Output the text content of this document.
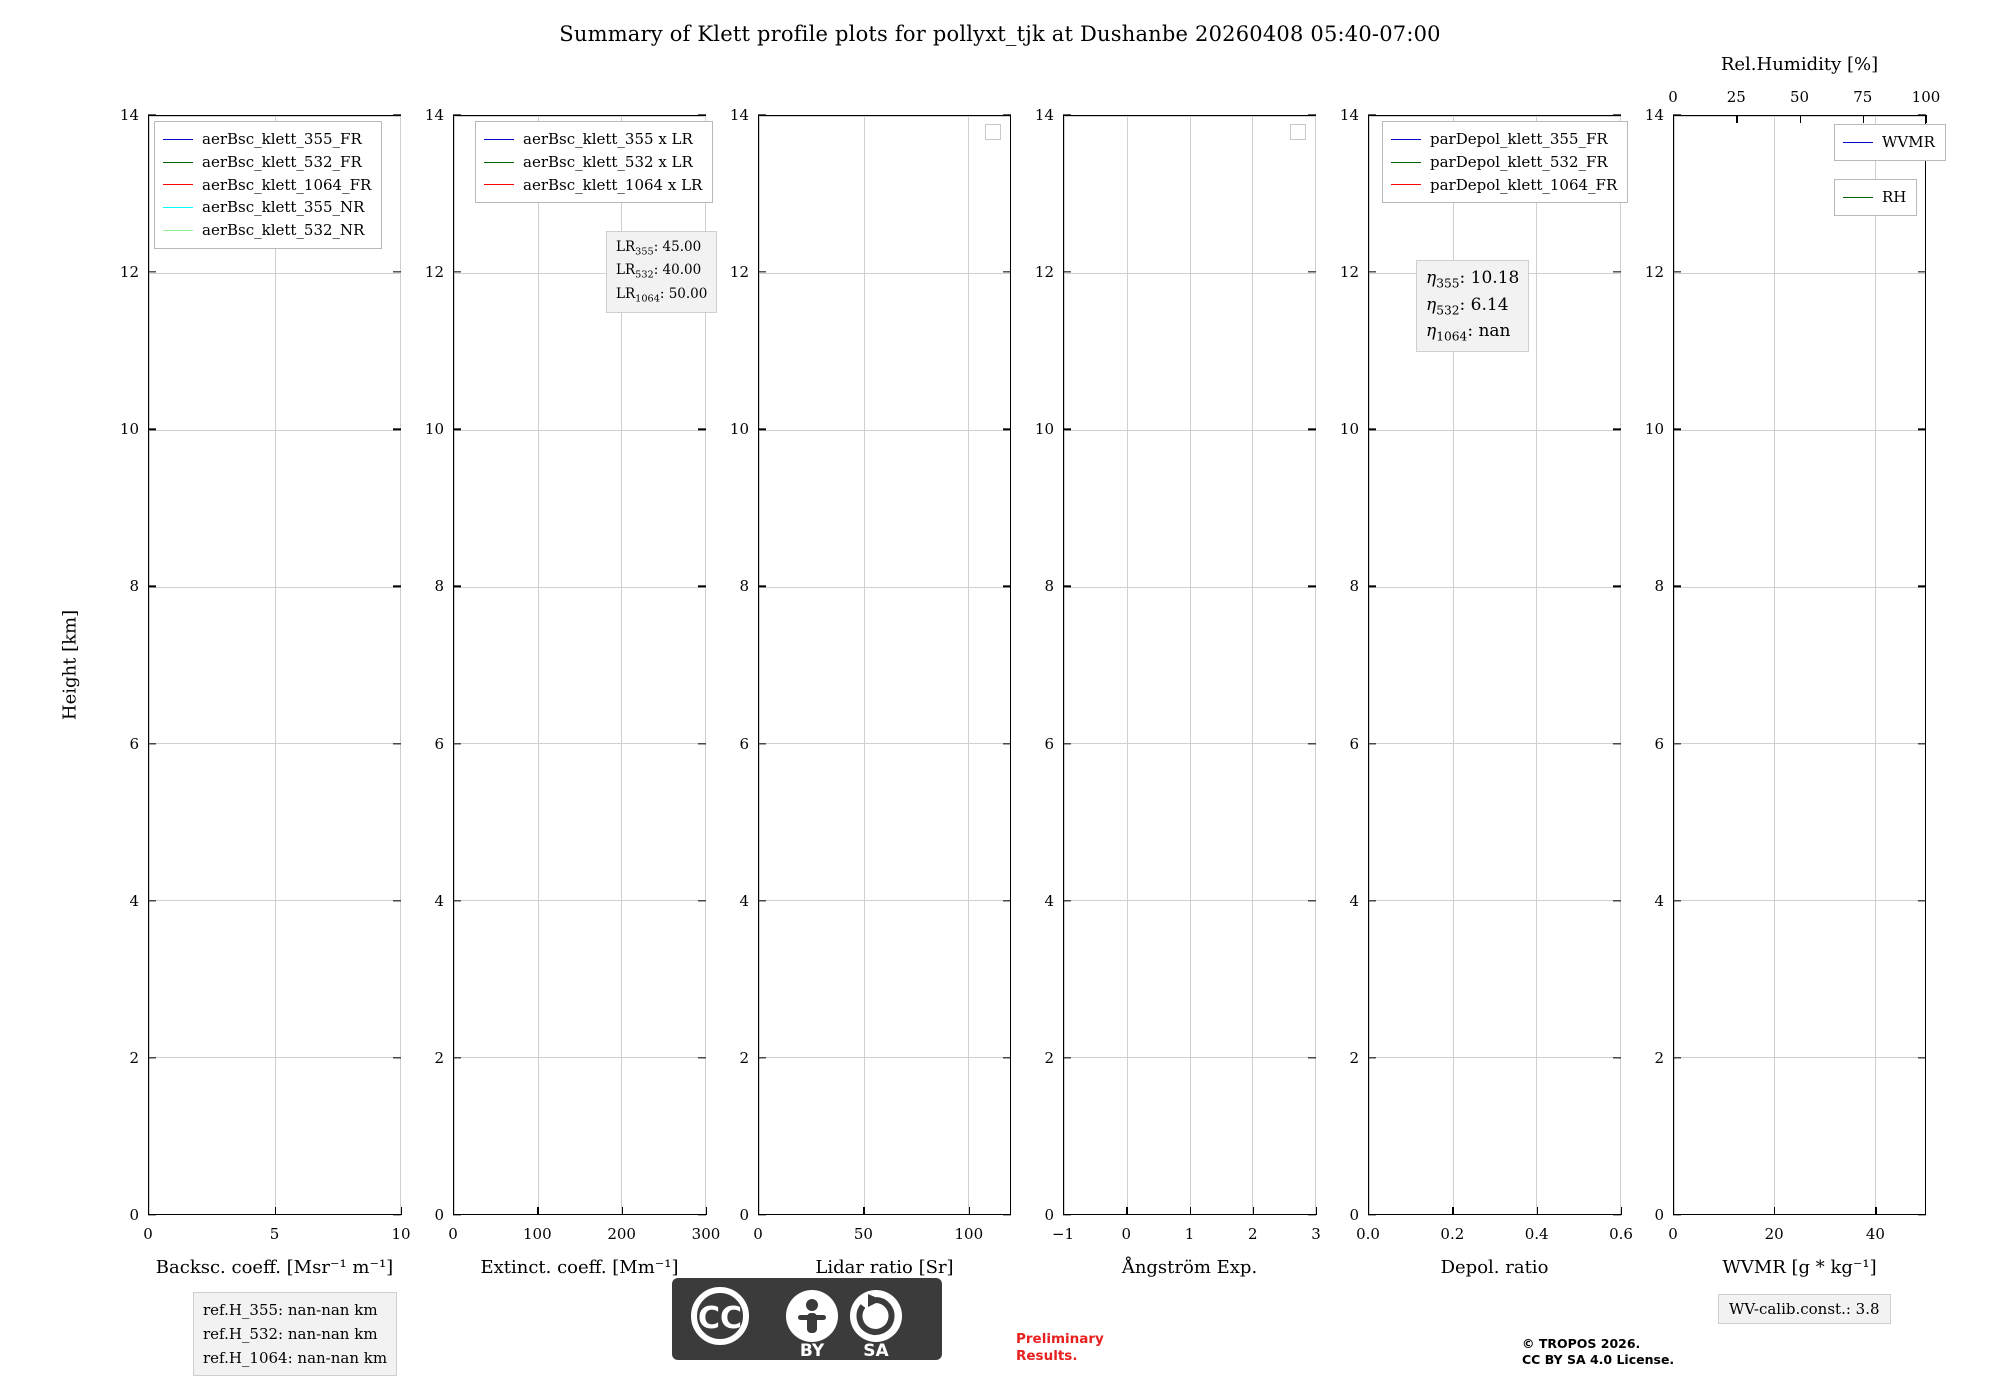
Summary of Klett profile plots for pollyxt_tjk at Dushanbe 20260408 05:40-07:00
Height [km]
0
2
4
6
8
10
12
14
0	5	10
Backsc. coeff. [Msr⁻¹ m⁻¹]
aerBsc_klett_355_FR
aerBsc_klett_532_FR
aerBsc_klett_1064_FR
aerBsc_klett_355_NR
aerBsc_klett_532_NR
0
2
4
6
8
10
12
14
0	100	200	300
Extinct. coeff. [Mm⁻¹]
aerBsc_klett_355 x LR
aerBsc_klett_532 x LR
aerBsc_klett_1064 x LR
$LR_{355}$: 45.00
$LR_{532}$: 40.00
$LR_{1064}$: 50.00
0
2
4
6
8
10
12
14
0	50	100
Lidar ratio [Sr]
0
2
4
6
8
10
12
14
−1	0	1	2	3
Ångström Exp.
0
2
4
6
8
10
12
14
0.0	0.2	0.4	0.6
Depol. ratio
parDepol_klett_355_FR
parDepol_klett_532_FR
parDepol_klett_1064_FR
$\eta_{355}$: 10.18
$\eta_{532}$: 6.14
$\eta_{1064}$: nan
0
2
4
6
8
10
12
14
0	20	40
WVMR [g * kg⁻¹]
0	25	50	75	100
Rel.Humidity [%]
WVMR
RH
ref.H_355: nan-nan km
ref.H_532: nan-nan km
ref.H_1064: nan-nan km
CC
BY SA
Preliminary
Results.
© TROPOS 2026.
CC BY SA 4.0 License.
WV-calib.const.: 3.8
